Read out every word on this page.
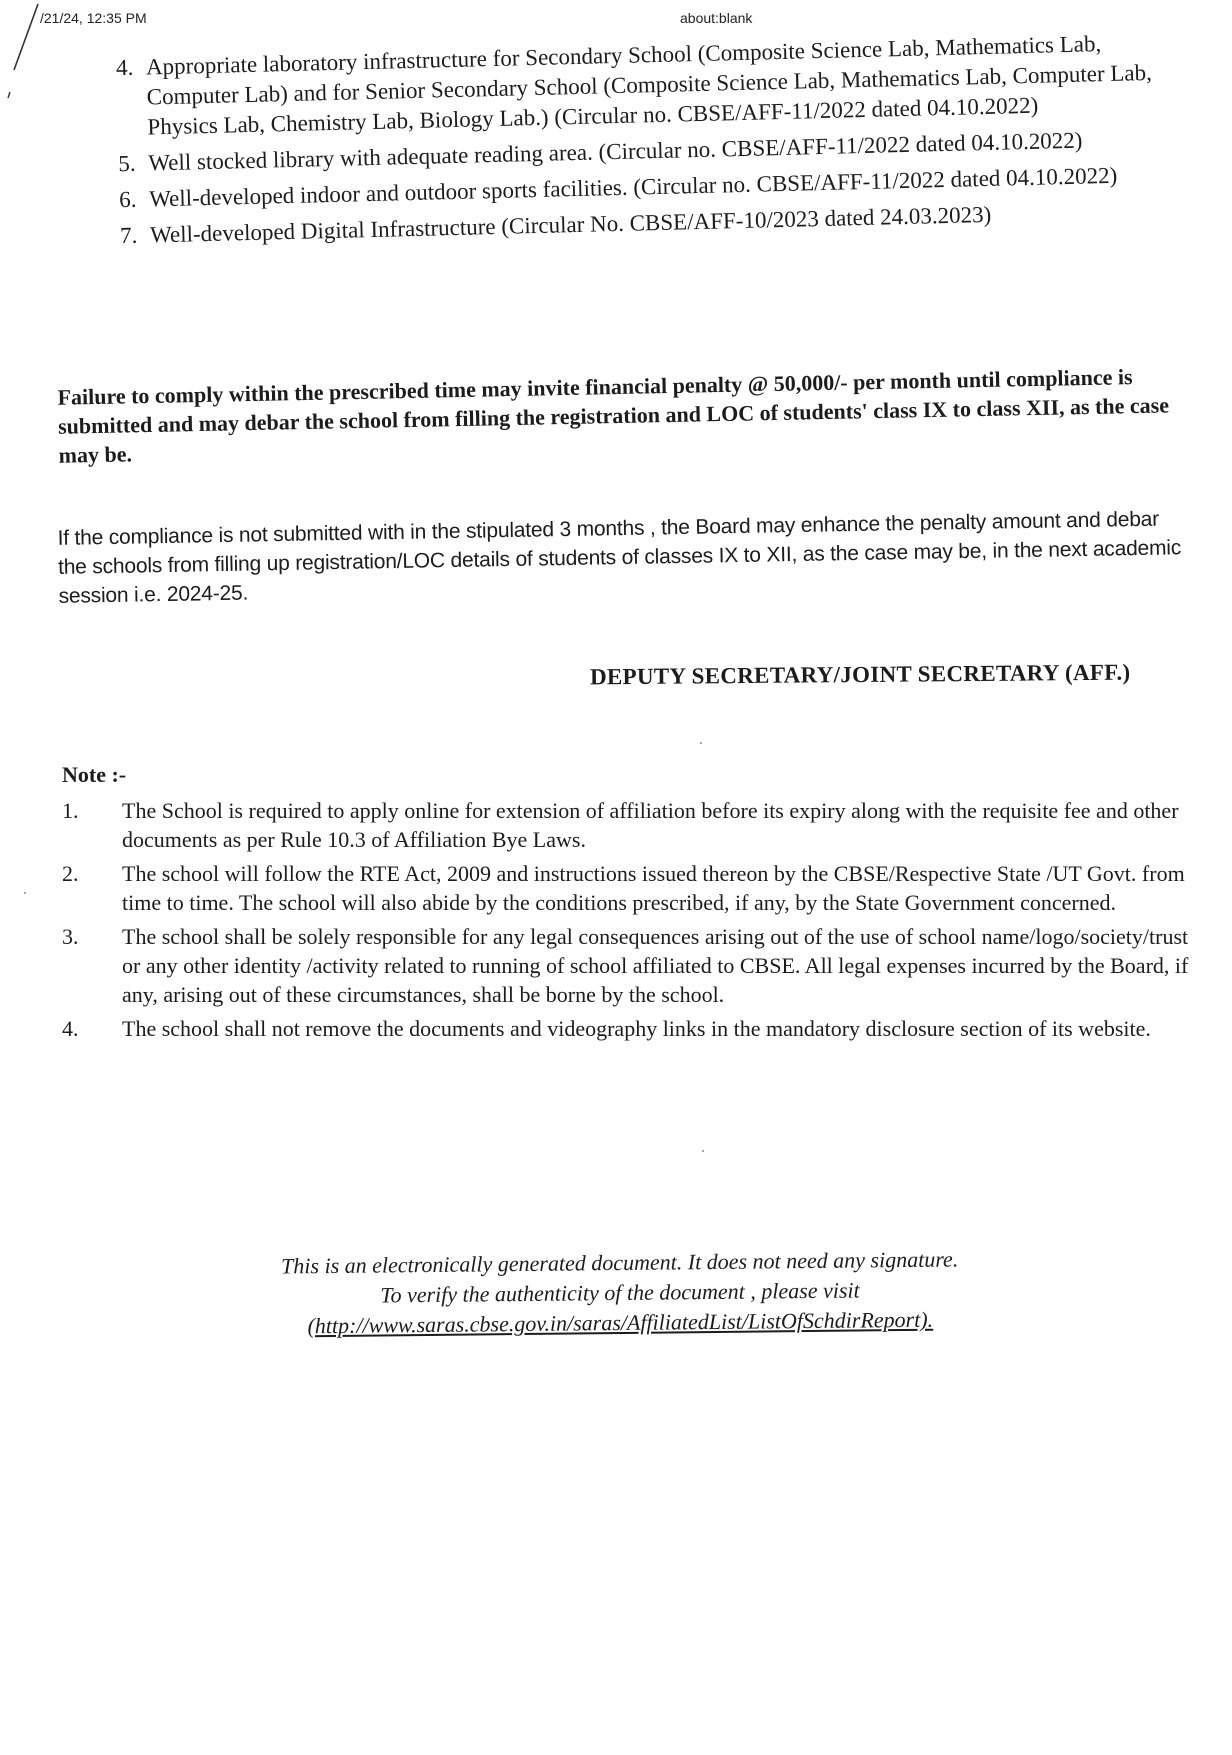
/21/24, 12:35 PM	about:blank
4. Appropriate laboratory infrastructure for Secondary School (Composite Science Lab, Mathematics Lab, Computer Lab) and for Senior Secondary School (Composite Science Lab, Mathematics Lab, Computer Lab, Physics Lab, Chemistry Lab, Biology Lab.) (Circular no. CBSE/AFF-11/2022 dated 04.10.2022)
5. Well stocked library with adequate reading area. (Circular no. CBSE/AFF-11/2022 dated 04.10.2022)
6. Well-developed indoor and outdoor sports facilities. (Circular no. CBSE/AFF-11/2022 dated 04.10.2022)
7. Well-developed Digital Infrastructure (Circular No. CBSE/AFF-10/2023 dated 24.03.2023)

Failure to comply within the prescribed time may invite financial penalty @ 50,000/- per month until compliance is submitted and may debar the school from filling the registration and LOC of students' class IX to class XII, as the case may be.

If the compliance is not submitted with in the stipulated 3 months , the Board may enhance the penalty amount and debar the schools from filling up registration/LOC details of students of classes IX to XII, as the case may be, in the next academic session i.e. 2024-25.

DEPUTY SECRETARY/JOINT SECRETARY (AFF.)
Note :-
1. The School is required to apply online for extension of affiliation before its expiry along with the requisite fee and other documents as per Rule 10.3 of Affiliation Bye Laws.
2. The school will follow the RTE Act, 2009 and instructions issued thereon by the CBSE/Respective State /UT Govt. from time to time. The school will also abide by the conditions prescribed, if any, by the State Government concerned.
3. The school shall be solely responsible for any legal consequences arising out of the use of school name/logo/society/trust or any other identity /activity related to running of school affiliated to CBSE. All legal expenses incurred by the Board, if any, arising out of these circumstances, shall be borne by the school.
4. The school shall not remove the documents and videography links in the mandatory disclosure section of its website.
This is an electronically generated document. It does not need any signature.
To verify the authenticity of the document , please visit
(http://www.saras.cbse.gov.in/saras/AffiliatedList/ListOfSchdirReport).
